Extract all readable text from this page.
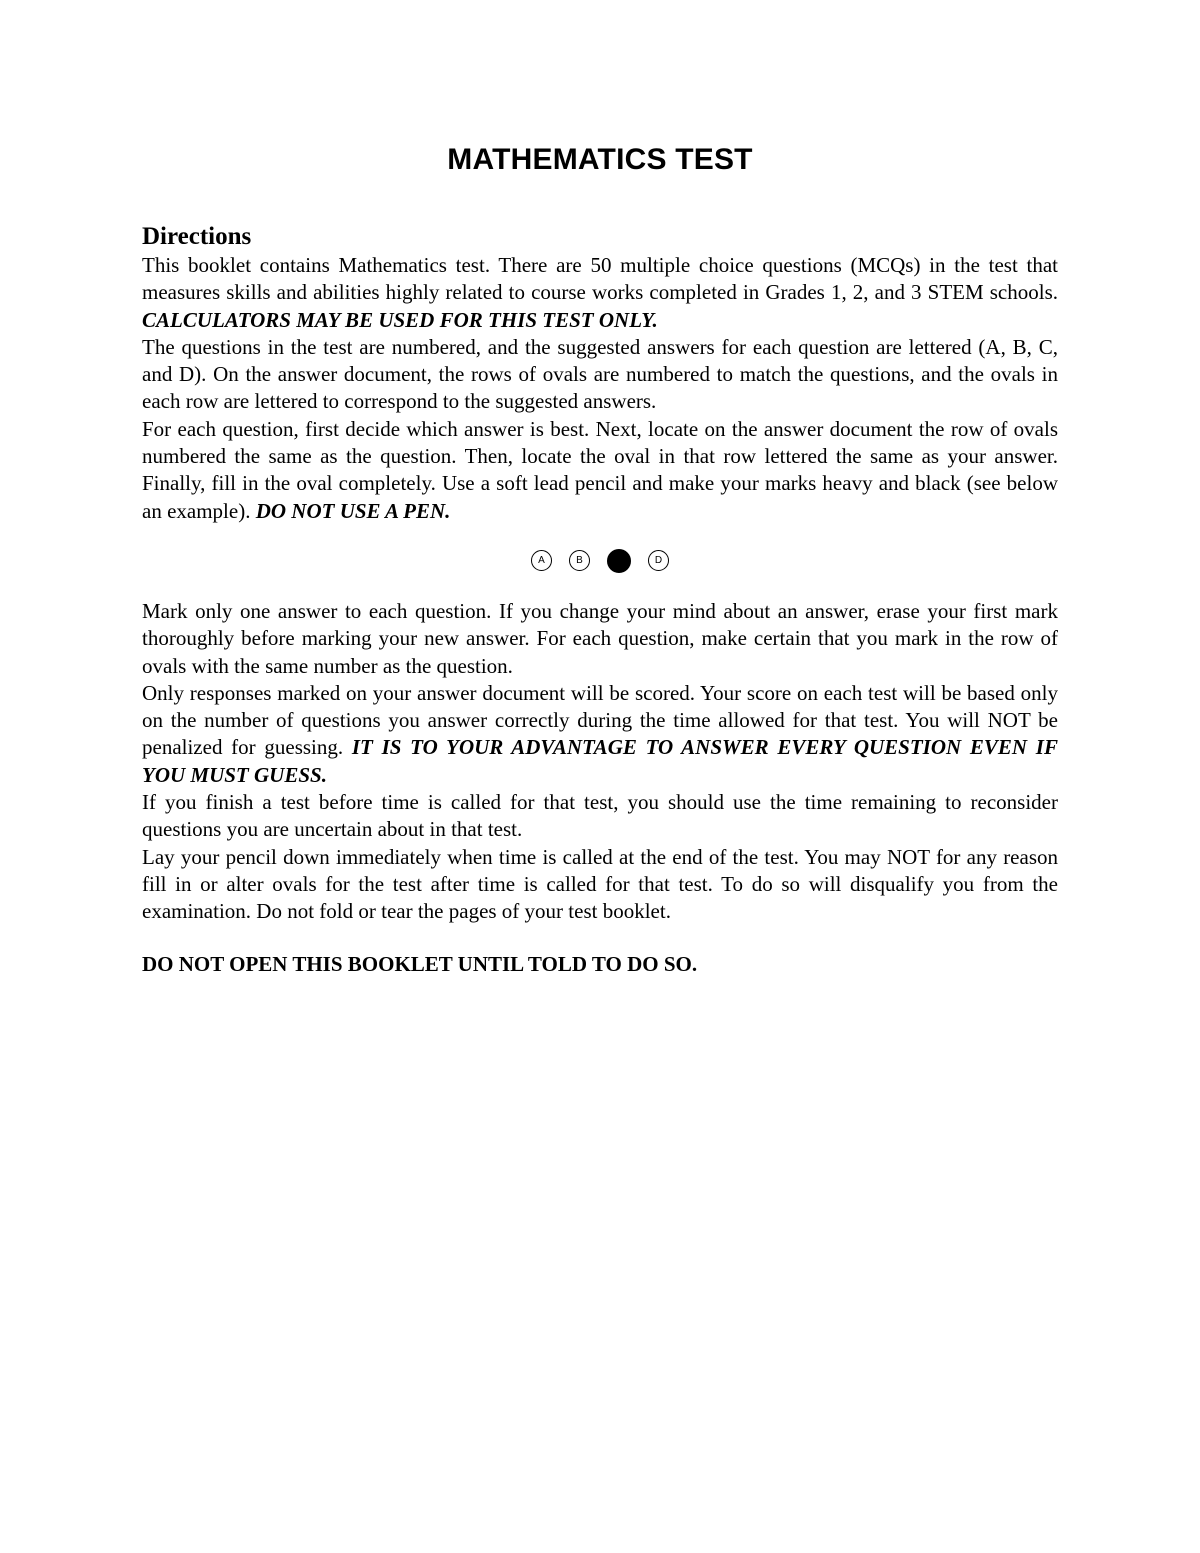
MATHEMATICS TEST
Directions

This booklet contains Mathematics test. There are 50 multiple choice questions (MCQs) in the test that measures skills and abilities highly related to course works completed in Grades 1, 2, and 3 STEM schools. CALCULATORS MAY BE USED FOR THIS TEST ONLY.

The questions in the test are numbered, and the suggested answers for each question are lettered (A, B, C, and D). On the answer document, the rows of ovals are numbered to match the questions, and the ovals in each row are lettered to correspond to the suggested answers.

For each question, first decide which answer is best. Next, locate on the answer document the row of ovals numbered the same as the question. Then, locate the oval in that row lettered the same as your answer. Finally, fill in the oval completely. Use a soft lead pencil and make your marks heavy and black (see below an example). DO NOT USE A PEN.

A	B	D

Mark only one answer to each question. If you change your mind about an answer, erase your first mark thoroughly before marking your new answer. For each question, make certain that you mark in the row of ovals with the same number as the question.

Only responses marked on your answer document will be scored. Your score on each test will be based only on the number of questions you answer correctly during the time allowed for that test. You will NOT be penalized for guessing. IT IS TO YOUR ADVANTAGE TO ANSWER EVERY QUESTION EVEN IF YOU MUST GUESS.

If you finish a test before time is called for that test, you should use the time remaining to reconsider questions you are uncertain about in that test.

Lay your pencil down immediately when time is called at the end of the test. You may NOT for any reason fill in or alter ovals for the test after time is called for that test. To do so will disqualify you from the examination. Do not fold or tear the pages of your test booklet.

DO NOT OPEN THIS BOOKLET UNTIL TOLD TO DO SO.
